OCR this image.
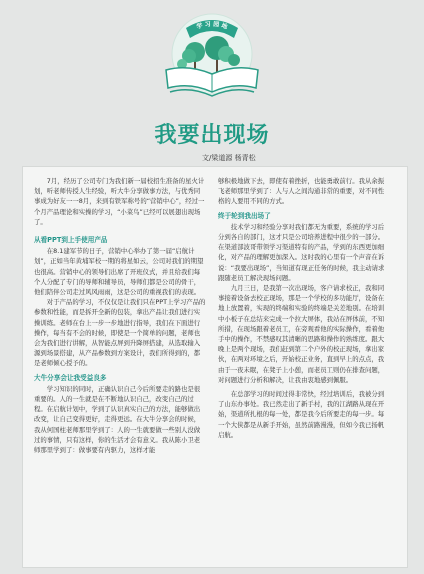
学 习 园 地
我要出现场
文/梁道源 杨青松

7月，经历了公司专门为我们新一届校招生准备的星火计划，听老师传授人生经验，听大牛分享做事方法，与优秀同事成为好友一一8月，来到有铁军称号的“营销中心”，经过一个月产品理论和实操的学习，“小菜鸟”已经可以展翅出现场了。

从看PPT到上手使用产品

在8.1建军节的日子，营销中心举办了第一届“启航计划”，正如当年黄埔军校一期的将星如云，公司对我们的期望也很高。营销中心的领导们出席了开班仪式，并且给我们每个人分配了专门的导师和辅导员，导师们都是公司的骨干，他们陪伴公司走过风风雨雨，这是公司的重视我们的表现。

对于产品的学习，不仅仅是让我们只在PPT上学习产品的参数和性能，而是拆开全新的包装，拿出产品让我们进行实操训练。老师在台上一步一步地进行指导，我们在下面进行操作，每当有不会的时候，即使是一个简单的问题，老师也会为我们进行讲解，从智能点屏到升降屏搭建，从选取输入源到场景搭建，从产品参数到方案设计，我们所得到的，都是老师倾心授予的。

大牛分享会让我受益良多

学习知识的同时，正确认识自己今后所要走的路也是很重要的。人的一生就是在不断地认识自己，改变自己的过程。在启航计划中，学到了认识真实自己的方法，能够做出改变，让自己变得更好，走得更远。在大牛分享会的时候，我从何国柱老师那里学到了：人的一生就要做一些别人没做过的事情，只有这样，你的生活才会有意义。我从陈小卫老师那里学到了：做事要有内驱力，这样才能

够积极地做下去，即使有着挫折，也能勇敢前行。我从余振飞老师那里学到了：人与人之间沟通非常的重要，对不同性格的人要用不同的方式。

终于轮到我出场了

技术学习和经验分享对我们都无为重要，系统的学习后分到各自的部门，这才只是公司培养进程中很少的一部分。在渠道部波哥带领学习渠道特有的产品，学到的东西更加细化，对产品的理解更加深入。这时我的心里有一个声音在诉说：“我要出现场”，当知道有现正任务的时候，我主动请求跟随老员工解决现场问题。

九月三日，是我第一次出现场，客户请求校正，我和同事接着设备去校正现场，那是一个学校的多功能厅，设备在地上放置着，实现的终端和实验的终端是关差地别。在培训中小板子在总结来完成一个拉大屏体，我站在屏体前，不知所措，在现场跟着老员工，在旁观看他的实际操作，看着他手中的操作，不禁感叹其清晰的思路和操作的熟练度。跟大晚上是两个现场，我们赶到第二个户外的校正现场，拿出家伙，在两对环境之后，开始校正业务，直到早上的点点，我由于一夜未眠，在凳子上小憩，而老员工则仍在排查问题，对问题进行分析和解决，让我由衷地感到佩服。

在总部学习的时间过得非常快，经过培训后，我被分到了山东办事处。我已然走出了新手村，我的江湖路从现在开始，渠道所扎根的每一处，都是我今后所要走的每一步。每一个大侠都是从新手开始，虽然前路漫漫，但如今我已扬帆启航。
